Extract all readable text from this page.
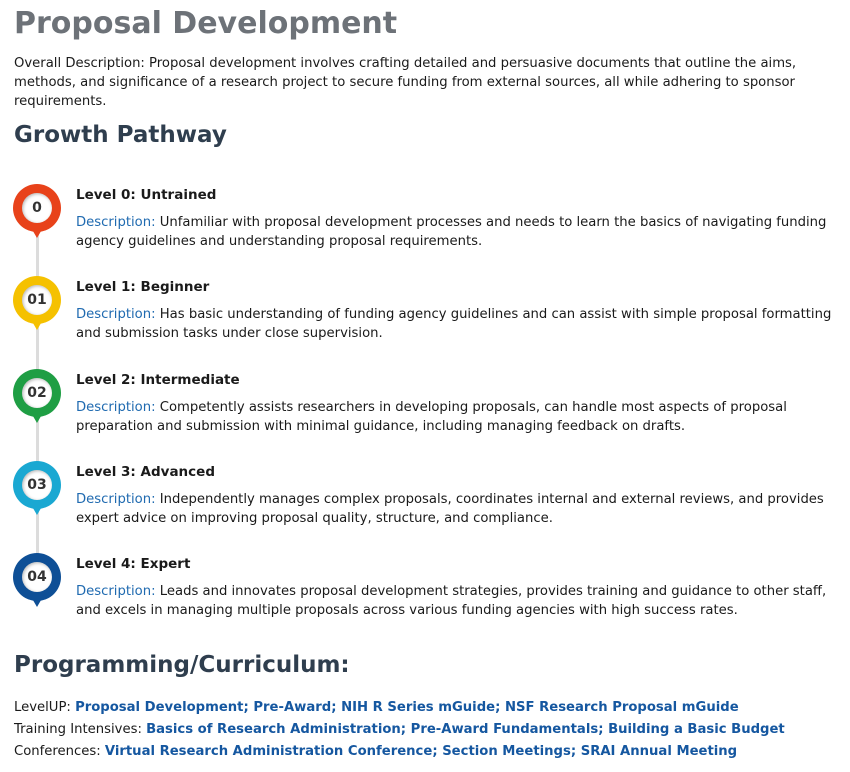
Proposal Development
Overall Description: Proposal development involves crafting detailed and persuasive documents that outline the aims, methods, and significance of a research project to secure funding from external sources, all while adhering to sponsor requirements.
Growth Pathway
0
Level 0: Untrained
Description: Unfamiliar with proposal development processes and needs to learn the basics of navigating funding agency guidelines and understanding proposal requirements.
01
Level 1: Beginner
Description: Has basic understanding of funding agency guidelines and can assist with simple proposal formatting and submission tasks under close supervision.
02
Level 2: Intermediate
Description: Competently assists researchers in developing proposals, can handle most aspects of proposal preparation and submission with minimal guidance, including managing feedback on drafts.
03
Level 3: Advanced
Description: Independently manages complex proposals, coordinates internal and external reviews, and provides expert advice on improving proposal quality, structure, and compliance.
04
Level 4: Expert
Description: Leads and innovates proposal development strategies, provides training and guidance to other staff, and excels in managing multiple proposals across various funding agencies with high success rates.
Programming/Curriculum:
LevelUP: Proposal Development; Pre-Award; NIH R Series mGuide; NSF Research Proposal mGuide
Training Intensives: Basics of Research Administration; Pre-Award Fundamentals; Building a Basic Budget
Conferences: Virtual Research Administration Conference; Section Meetings; SRAI Annual Meeting
